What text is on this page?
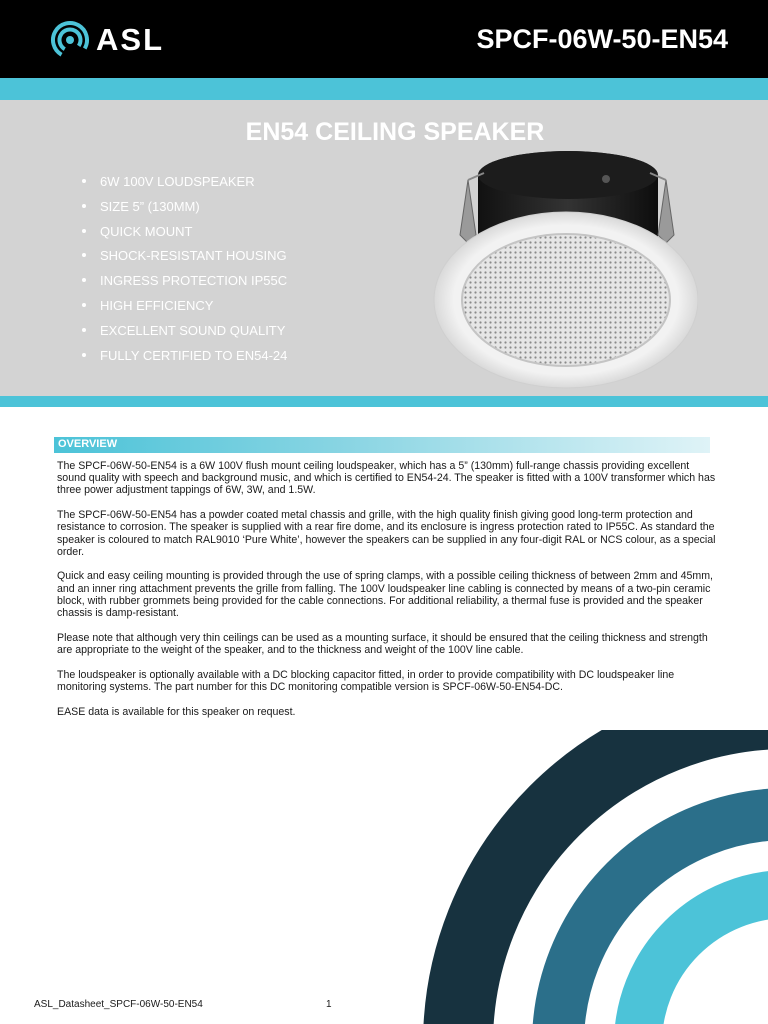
ASL	SPCF-06W-50-EN54
EN54 CEILING SPEAKER
6W 100V LOUDSPEAKER
SIZE 5” (130MM)
QUICK MOUNT
SHOCK-RESISTANT HOUSING
INGRESS PROTECTION IP55C
HIGH EFFICIENCY
EXCELLENT SOUND QUALITY
FULLY CERTIFIED TO EN54-24
OVERVIEW

The SPCF-06W-50-EN54 is a 6W 100V flush mount ceiling loudspeaker, which has a 5” (130mm) full-range chassis providing excellent sound quality with speech and background music, and which is certified to EN54-24. The speaker is fitted with a 100V transformer which has three power adjustment tappings of 6W, 3W, and 1.5W.

The SPCF-06W-50-EN54 has a powder coated metal chassis and grille, with the high quality finish giving good long-term protection and resistance to corrosion. The speaker is supplied with a rear fire dome, and its enclosure is ingress protection rated to IP55C. As standard the speaker is coloured to match RAL9010 ‘Pure White’, however the speakers can be supplied in any four-digit RAL or NCS colour, as a special order.

Quick and easy ceiling mounting is provided through the use of spring clamps, with a possible ceiling thickness of between 2mm and 45mm, and an inner ring attachment prevents the grille from falling. The 100V loudspeaker line cabling is connected by means of a two-pin ceramic block, with rubber grommets being provided for the cable connections. For additional reliability, a thermal fuse is provided and the speaker chassis is damp-resistant.

Please note that although very thin ceilings can be used as a mounting surface, it should be ensured that the ceiling thickness and strength are appropriate to the weight of the speaker, and to the thickness and weight of the 100V line cable.

The loudspeaker is optionally available with a DC blocking capacitor fitted, in order to provide compatibility with DC loudspeaker line monitoring systems. The part number for this DC monitoring compatible version is SPCF-06W-50-EN54-DC.

EASE data is available for this speaker on request.

ASL_Datasheet_SPCF-06W-50-EN54	1
